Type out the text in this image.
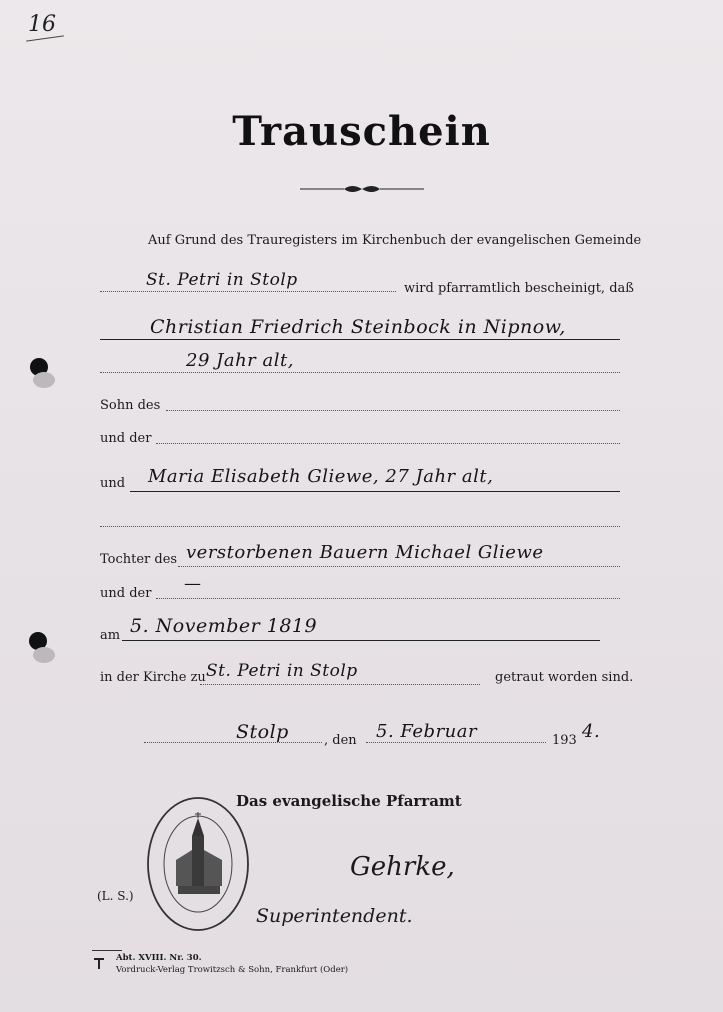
16
Trauschein
Auf Grund des Trauregisters im Kirchenbuch der evangelischen Gemeinde
St. Petri in Stolp	wird pfarramtlich bescheinigt, daß
Christian Friedrich Steinbock in Nipnow,
29 Jahr alt,
Sohn des
und der
und Maria Elisabeth Gliewe, 27 Jahr alt,
Tochter des verstorbenen Bauern Michael Gliewe
und der —
am 5. November 1819
in der Kirche zu St. Petri in Stolp	getraut worden sind.
Stolp	, den 5. Februar	193 4.
Das evangelische Pfarramt
(L. S.)
Gehrke,
Superintendent.
Abt. XVIII. Nr. 30.
Vordruck-Verlag Trowitzsch & Sohn, Frankfurt (Oder)
